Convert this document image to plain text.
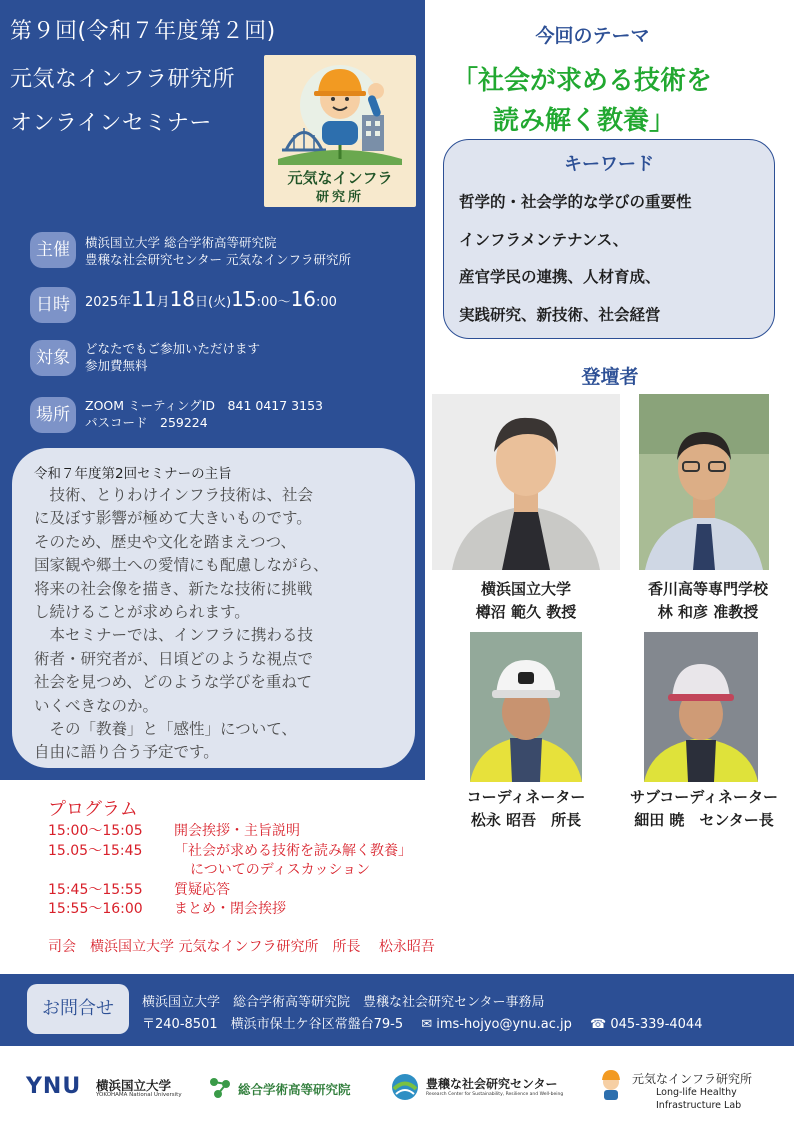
第９回(令和７年度第２回)
元気なインフラ研究所
オンラインセミナー
元気なインフラ
研究所
主催	横浜国立大学 総合学術高等研究院
豊穣な社会研究センター 元気なインフラ研究所
日時	2025年11月18日(火)15:00～16:00
対象	どなたでもご参加いただけます
参加費無料
場所	ZOOM ミーティングID　841 0417 3153
パスコード　259224
令和７年度第2回セミナーの主旨
　技術、とりわけインフラ技術は、社会
に及ぼす影響が極めて大きいものです。
そのため、歴史や文化を踏まえつつ、
国家観や郷土への愛情にも配慮しながら、
将来の社会像を描き、新たな技術に挑戦
し続けることが求められます。
　本セミナーでは、インフラに携わる技
術者・研究者が、日頃どのような視点で
社会を見つめ、どのような学びを重ねて
いくべきなのか。
　その「教養」と「感性」について、
自由に語り合う予定です。
今回のテーマ
「社会が求める技術を
読み解く教養」
キーワード
哲学的・社会学的な学びの重要性
インフラメンテナンス、
産官学民の連携、人材育成、
実践研究、新技術、社会経営
登壇者
横浜国立大学
樽沼 範久 教授
香川高等専門学校
林 和彦 准教授
コーディネーター
松永 昭吾　所長
サブコーディネーター
細田 暁　センター長
プログラム
15:00～15:05 開会挨拶・主旨説明
15.05～15:45 「社会が求める技術を読み解く教養」
についてのディスカッション
15:45～15:55 質疑応答
15:55～16:00 まとめ・閉会挨拶
司会　横浜国立大学 元気なインフラ研究所　所長　 松永昭吾
お問合せ	横浜国立大学　総合学術高等研究院　豊穣な社会研究センター事務局
〒240-8501　横浜市保土ケ谷区常盤台79-5 ✉ ims-hojyo@ynu.ac.jp ☎ 045-339-4044
YNU 横浜国立大学
YOKOHAMA National University	総合学術高等研究院	豊穣な社会研究センター
Research Center for Sustainability, Resilience and Well-being
元気なインフラ研究所
Long-life Healthy
Infrastructure Lab
